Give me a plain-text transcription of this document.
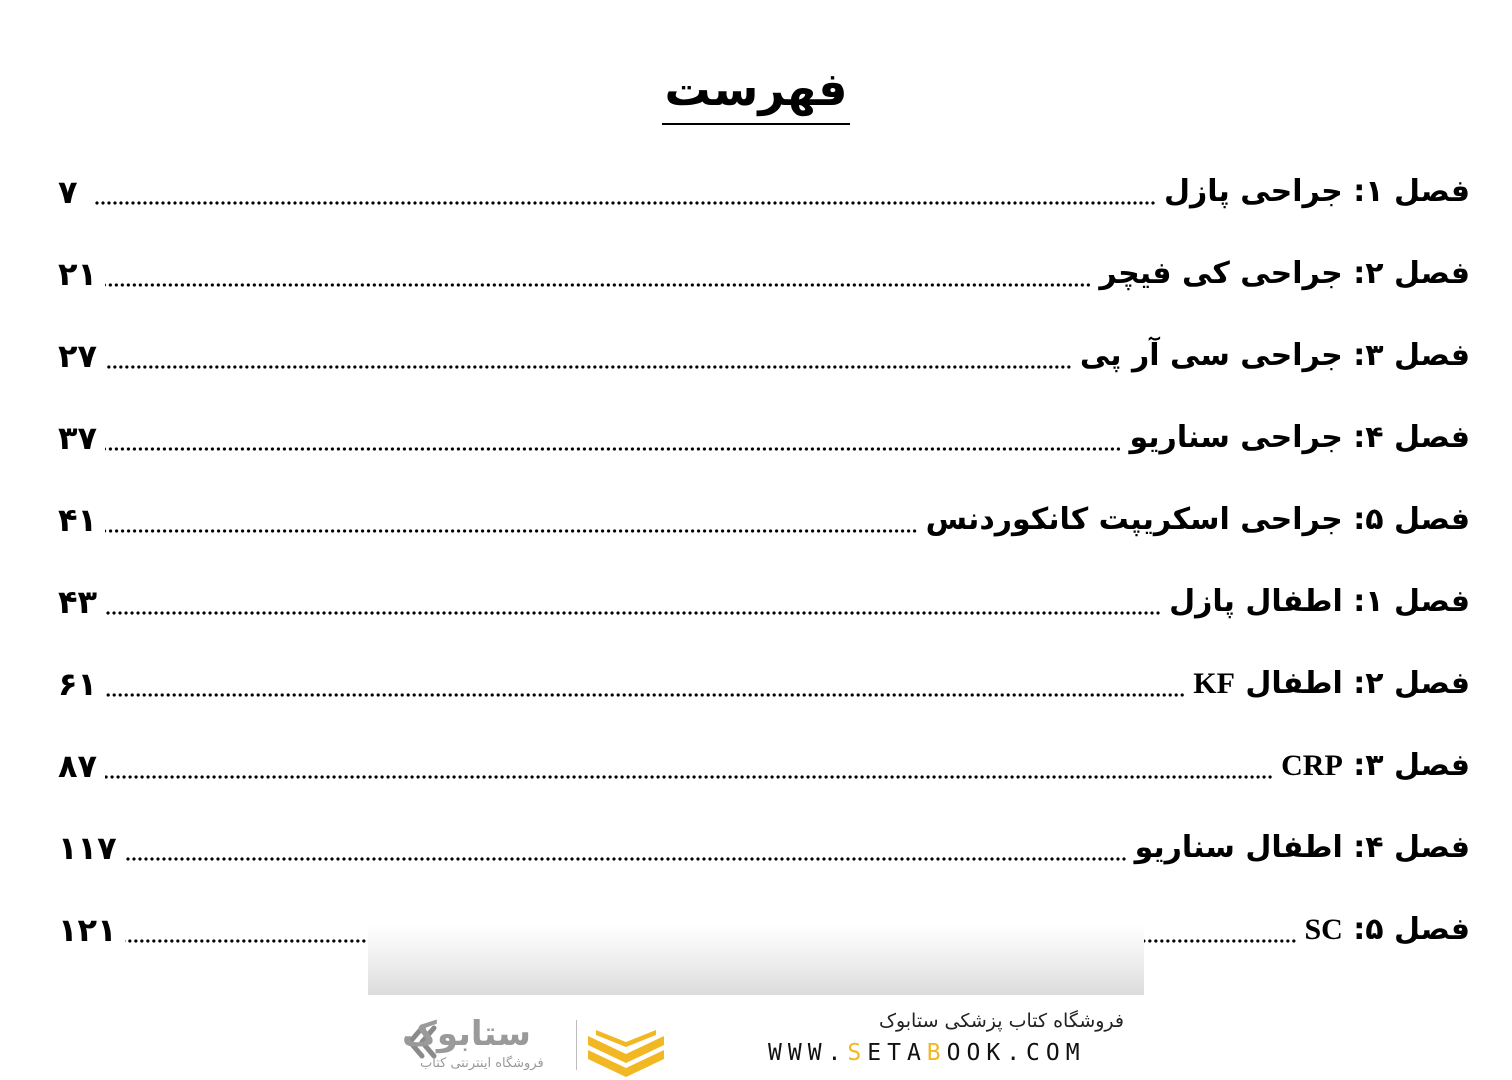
فهرست
۷	فصل ۱: جراحی پازل
۲۱	فصل ۲: جراحی کی فیچر
۲۷	فصل ۳: جراحی سی آر پی
۳۷	فصل ۴: جراحی سناریو
۴۱	فصل ۵: جراحی اسکریپت کانکوردنس
۴۳	فصل ۱: اطفال پازل
۶۱	فصل ۲: اطفال KF
۸۷	فصل ۳: CRP
۱۱۷	فصل ۴: اطفال سناریو
۱۲۱	فصل ۵: SC
ستابوک
فروشگاه اینترنتی کتاب
فروشگاه کتاب پزشکی ستابوک
WWW.SETABOOK.COM
